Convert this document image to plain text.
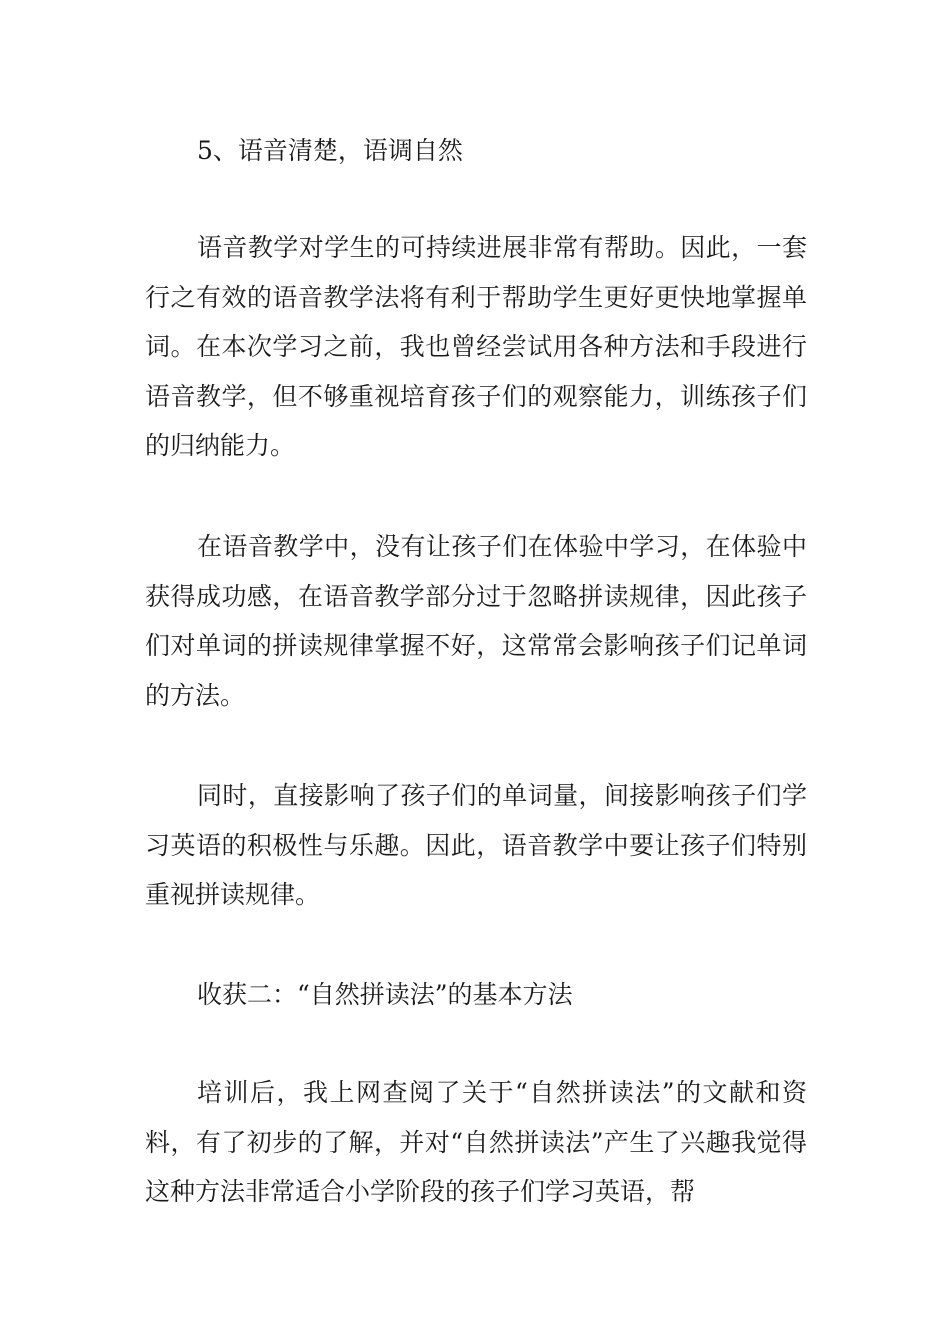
5、语音清楚，语调自然

语音教学对学生的可持续进展非常有帮助。因此，一套行之有效的语音教学法将有利于帮助学生更好更快地掌握单词。在本次学习之前，我也曾经尝试用各种方法和手段进行语音教学，但不够重视培育孩子们的观察能力，训练孩子们的归纳能力。

在语音教学中，没有让孩子们在体验中学习，在体验中获得成功感，在语音教学部分过于忽略拼读规律，因此孩子们对单词的拼读规律掌握不好，这常常会影响孩子们记单词的方法。

同时，直接影响了孩子们的单词量，间接影响孩子们学习英语的积极性与乐趣。因此，语音教学中要让孩子们特别重视拼读规律。

收获二：“自然拼读法”的基本方法

培训后，我上网查阅了关于“自然拼读法”的文献和资料，有了初步的了解，并对“自然拼读法”产生了兴趣我觉得这种方法非常适合小学阶段的孩子们学习英语，帮
